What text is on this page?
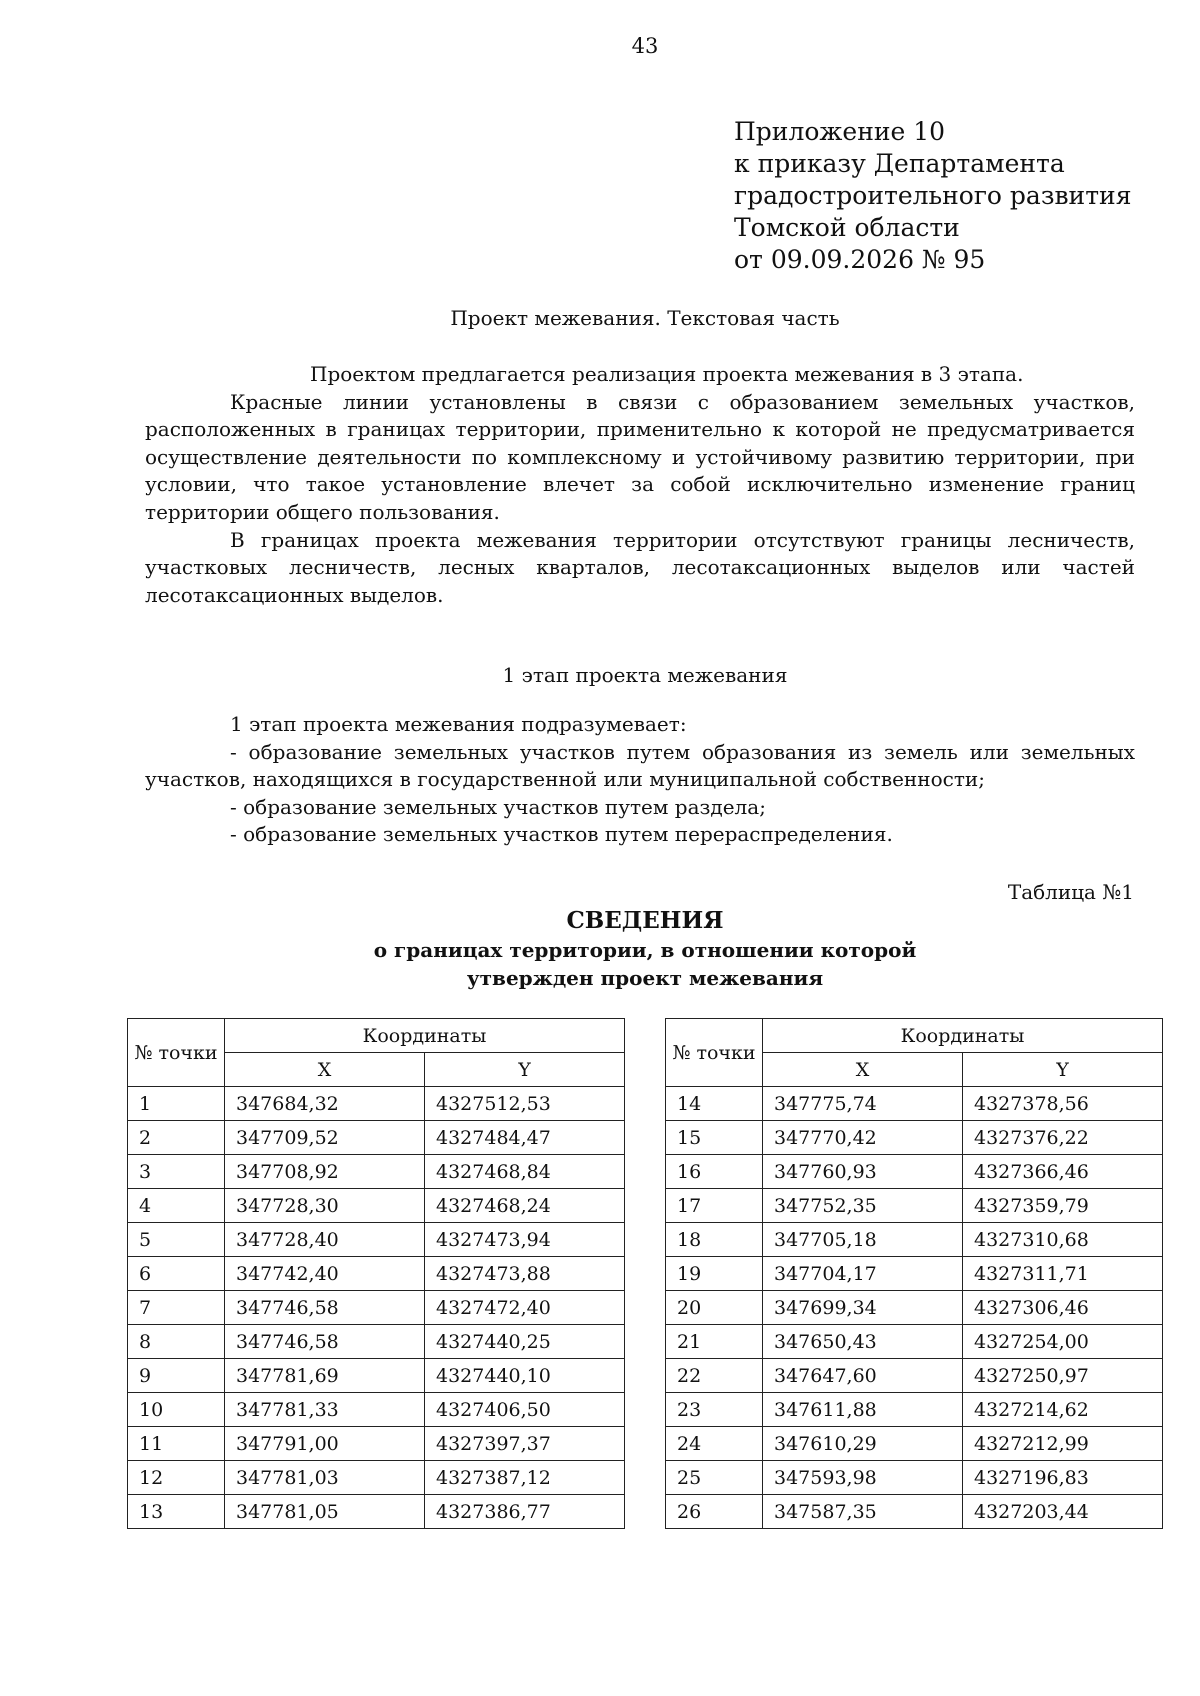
43
Приложение 10
к приказу Департамента
градостроительного развития
Томской области
от 09.09.2026 № 95
Проект межевания. Текстовая часть

Проектом предлагается реализация проекта межевания в 3 этапа.

Красные линии установлены в связи с образованием земельных участков, расположенных в границах территории, применительно к которой не предусматривается осуществление деятельности по комплексному и устойчивому развитию территории, при условии, что такое установление влечет за собой исключительно изменение границ территории общего пользования.

В границах проекта межевания территории отсутствуют границы лесничеств, участковых лесничеств, лесных кварталов, лесотаксационных выделов или частей лесотаксационных выделов.

1 этап проекта межевания

1 этап проекта межевания подразумевает:

- образование земельных участков путем образования из земель или земельных участков, находящихся в государственной или муниципальной собственности;

- образование земельных участков путем раздела;

- образование земельных участков путем перераспределения.

Таблица №1
СВЕДЕНИЯ
о границах территории, в отношении которой
утвержден проект межевания
№ точки	Координаты	
	X	Y
1	347684,32	4327512,53
2	347709,52	4327484,47
3	347708,92	4327468,84
4	347728,30	4327468,24
5	347728,40	4327473,94
6	347742,40	4327473,88
7	347746,58	4327472,40
8	347746,58	4327440,25
9	347781,69	4327440,10
10	347781,33	4327406,50
11	347791,00	4327397,37
12	347781,03	4327387,12
13	347781,05	4327386,77
№ точки	Координаты	
	X	Y
14	347775,74	4327378,56
15	347770,42	4327376,22
16	347760,93	4327366,46
17	347752,35	4327359,79
18	347705,18	4327310,68
19	347704,17	4327311,71
20	347699,34	4327306,46
21	347650,43	4327254,00
22	347647,60	4327250,97
23	347611,88	4327214,62
24	347610,29	4327212,99
25	347593,98	4327196,83
26	347587,35	4327203,44
